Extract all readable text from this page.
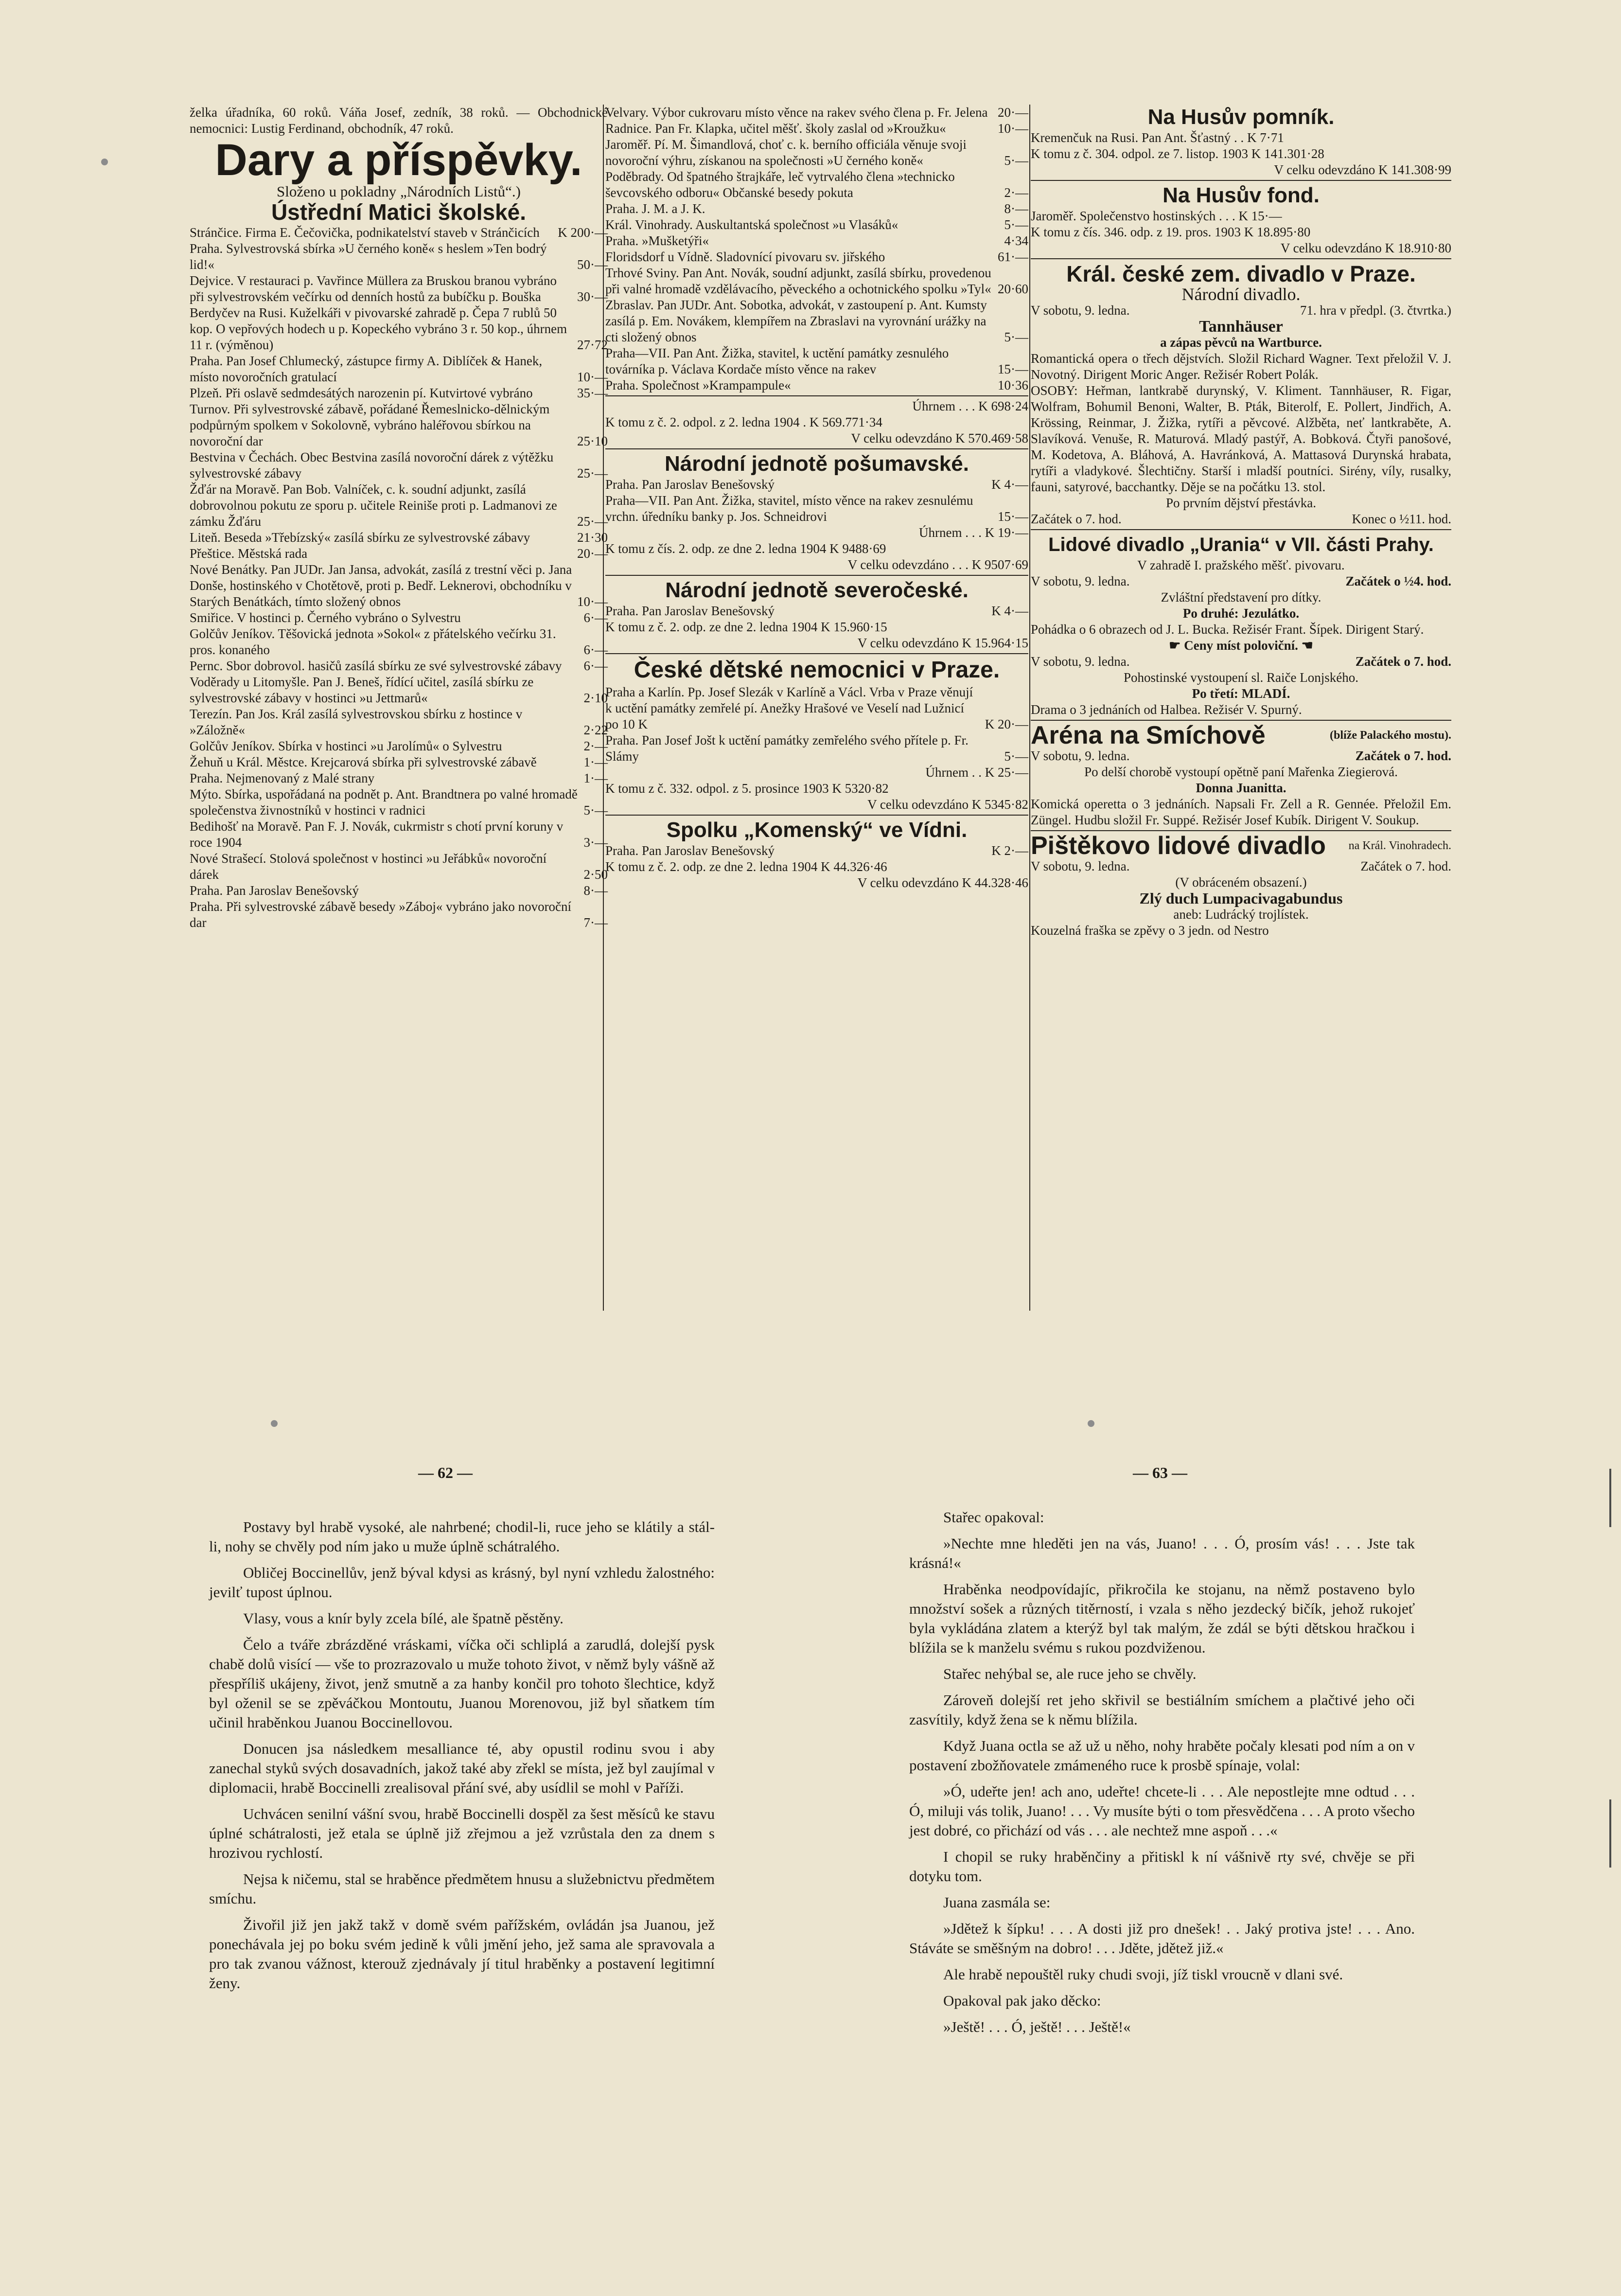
želka úřadníka, 60 roků. Váňa Josef, zedník, 38 roků. — Obchodnické nemocnici: Lustig Ferdinand, obchodník, 47 roků.

Dary a příspěvky.
Složeno u pokladny „Národních Listů“.)
Ústřední Matici školské.
Stránčice. Firma E. Čečovička, podnikatelství staveb v Stránčicích	K 200·—
Praha. Sylvestrovská sbírka »U černého koně« s heslem »Ten bodrý lid!«	50·—
Dejvice. V restauraci p. Vavřince Müllera za Bruskou branou vybráno při sylvestrovském večírku od denních hostů za bubíčku p. Bouška	30·—
Berdyčev na Rusi. Kuželkáři v pivovarské zahradě p. Čepa 7 rublů 50 kop. O vepřových hodech u p. Kopeckého vybráno 3 r. 50 kop., úhrnem 11 r. (výměnou)	27·72
Praha. Pan Josef Chlumecký, zástupce firmy A. Diblíček & Hanek, místo novoročních gratulací	10·—
Plzeň. Při oslavě sedmdesátých narozenin pí. Kutvirtové vybráno	35·—
Turnov. Při sylvestrovské zábavě, pořádané Řemeslnicko-dělnickým podpůrným spolkem v Sokolovně, vybráno haléřovou sbírkou na novoroční dar	25·10
Bestvina v Čechách. Obec Bestvina zasílá novoroční dárek z výtěžku sylvestrovské zábavy	25·—
Žďár na Moravě. Pan Bob. Valníček, c. k. soudní adjunkt, zasílá dobrovolnou pokutu ze sporu p. učitele Reiniše proti p. Ladmanovi ze zámku Žďáru	25·—
Liteň. Beseda »Třebízský« zasílá sbírku ze sylvestrovské zábavy	21·30
Přeštice. Městská rada	20·—
Nové Benátky. Pan JUDr. Jan Jansa, advokát, zasílá z trestní věci p. Jana Donše, hostinského v Chotětově, proti p. Bedř. Leknerovi, obchodníku v Starých Benátkách, tímto složený obnos	10·—
Smiřice. V hostinci p. Černého vybráno o Sylvestru	6·—
Golčův Jeníkov. Těšovická jednota »Sokol« z přátelského večírku 31. pros. konaného	6·—
Pernc. Sbor dobrovol. hasičů zasílá sbírku ze své sylvestrovské zábavy	6·—
Voděrady u Litomyšle. Pan J. Beneš, řídící učitel, zasílá sbírku ze sylvestrovské zábavy v hostinci »u Jettmarů«	2·10
Terezín. Pan Jos. Král zasílá sylvestrovskou sbírku z hostince v »Záložně«	2·22
Golčův Jeníkov. Sbírka v hostinci »u Jarolímů« o Sylvestru	2·—
Žehuň u Král. Městce. Krejcarová sbírka při sylvestrovské zábavě	1·—
Praha. Nejmenovaný z Malé strany	1·—
Mýto. Sbírka, uspořádaná na podnět p. Ant. Brandtnera po valné hromadě společenstva živnostníků v hostinci v radnici	5·—
Bedihošť na Moravě. Pan F. J. Novák, cukrmistr s chotí první koruny v roce 1904	3·—
Nové Strašecí. Stolová společnost v hostinci »u Jeřábků« novoroční dárek	2·50
Praha. Pan Jaroslav Benešovský	8·—
Praha. Při sylvestrovské zábavě besedy »Záboj« vybráno jako novoroční dar	7·—
Velvary. Výbor cukrovaru místo věnce na rakev svého člena p. Fr. Jelena 20·—
Radnice. Pan Fr. Klapka, učitel měšť. školy zaslal od »Kroužku«	10·—
Jaroměř. Pí. M. Šimandlová, choť c. k. berního officiála věnuje svoji novoroční výhru, získanou na společnosti »U černého koně«	5·—
Poděbrady. Od špatného štrajkáře, leč vytrvalého člena »technicko ševcovského odboru« Občanské besedy pokuta	2·—
Praha. J. M. a J. K.	8·—
Král. Vinohrady. Auskultantská společnost »u Vlasáků«	5·—
Praha. »Mušketýři«	4·34
Floridsdorf u Vídně. Sladovnící pivovaru sv. jiřského	61·—
Trhové Sviny. Pan Ant. Novák, soudní adjunkt, zasílá sbírku, provedenou při valné hromadě vzdělávacího, pěveckého a ochotnického spolku »Tyl« 20·60
Zbraslav. Pan JUDr. Ant. Sobotka, advokát, v zastoupení p. Ant. Kumsty zasílá p. Em. Novákem, klempířem na Zbraslavi na vyrovnání urážky na cti složený obnos	5·—
Praha—VII. Pan Ant. Žižka, stavitel, k uctění památky zesnulého továrníka p. Václava Kordače místo věnce na rakev	15·—
Praha. Společnost »Krampampule«	10·36
Úhrnem . . . K 698·24
K tomu z č. 2. odpol. z 2. ledna 1904 . K 569.771·34
V celku odevzdáno K 570.469·58
Národní jednotě pošumavské.
Praha. Pan Jaroslav Benešovský	K 4·—
Praha—VII. Pan Ant. Žižka, stavitel, místo věnce na rakev zesnulému vrchn. úředníku banky p. Jos. Schneidrovi	15·—
Úhrnem . . . K 19·—
K tomu z čís. 2. odp. ze dne 2. ledna 1904 K 9488·69
V celku odevzdáno . . . K 9507·69
Národní jednotě severočeské.
Praha. Pan Jaroslav Benešovský	K 4·—
K tomu z č. 2. odp. ze dne 2. ledna 1904 K 15.960·15
V celku odevzdáno K 15.964·15
České dětské nemocnici v Praze.
Praha a Karlín. Pp. Josef Slezák v Karlíně a Václ. Vrba v Praze věnují k uctění památky zemřelé pí. Anežky Hrašové ve Veselí nad Lužnicí po 10 K	K 20·—
Praha. Pan Josef Jošt k uctění památky zemřelého svého přítele p. Fr. Slámy	5·—
Úhrnem . . K 25·—
K tomu z č. 332. odpol. z 5. prosince 1903 K 5320·82
V celku odevzdáno K 5345·82
Spolku „Komenský“ ve Vídni.
Praha. Pan Jaroslav Benešovský	K 2·—
K tomu z č. 2. odp. ze dne 2. ledna 1904 K 44.326·46
V celku odevzdáno K 44.328·46
Na Husův pomník.
Kremenčuk na Rusi. Pan Ant. Šťastný . . K 7·71
K tomu z č. 304. odpol. ze 7. listop. 1903 K 141.301·28
V celku odevzdáno K 141.308·99
Na Husův fond.
Jaroměř. Společenstvo hostinských . . . K 15·—
K tomu z čís. 346. odp. z 19. pros. 1903 K 18.895·80
V celku odevzdáno K 18.910·80
Král. české zem. divadlo v Praze.
Národní divadlo.
V sobotu, 9. ledna.	71. hra v předpl. (3. čtvrtka.)
Tannhäuser
a zápas pěvců na Wartburce.

Romantická opera o třech dějstvích. Složil Richard Wagner. Text přeložil V. J. Novotný. Dirigent Moric Anger. Režisér Robert Polák.

OSOBY: Heřman, lantkrabě durynský, V. Kliment. Tannhäuser, R. Figar, Wolfram, Bohumil Benoni, Walter, B. Pták, Biterolf, E. Pollert, Jindřich, A. Krössing, Reinmar, J. Žižka, rytíři a pěvcové. Alžběta, neť lantkraběte, A. Slavíková. Venuše, R. Maturová. Mladý pastýř, A. Bobková. Čtyři panošové, M. Kodetova, A. Bláhová, A. Havránková, A. Mattasová Durynská hrabata, rytíři a vladykové. Šlechtičny. Starší i mladší poutníci. Sirény, víly, rusalky, fauni, satyrové, bacchantky. Děje se na počátku 13. stol.

Po prvním dějství přestávka.
Začátek o 7. hod.	Konec o ½11. hod.
Lidové divadlo „Urania“ v VII. části Prahy.
V zahradě I. pražského měšť. pivovaru.
V sobotu, 9. ledna.	Začátek o ½4. hod.
Zvláštní představení pro dítky.
Po druhé: Jezulátko.

Pohádka o 6 obrazech od J. L. Bucka. Režisér Frant. Šípek. Dirigent Starý.

☛ Ceny míst poloviční. ☚
V sobotu, 9. ledna.	Začátek o 7. hod.
Pohostinské vystoupení sl. Raiče Lonjského.
Po třetí: MLADÍ.
Drama o 3 jednáních od Halbea. Režisér V. Spurný.
Aréna na Smíchově	(blíže Palackého mostu).
V sobotu, 9. ledna.	Začátek o 7. hod.
Po delší chorobě vystoupí opětně paní Mařenka Ziegierová.
Donna Juanitta.

Komická operetta o 3 jednáních. Napsali Fr. Zell a R. Gennée. Přeložil Em. Züngel. Hudbu složil Fr. Suppé. Režisér Josef Kubík. Dirigent V. Soukup.

Pištěkovo lidové divadlo na Král. Vinohradech.
V sobotu, 9. ledna.	Začátek o 7. hod.
(V obráceném obsazení.)
Zlý duch Lumpacivagabundus
aneb: Ludrácký trojlístek.
Kouzelná fraška se zpěvy o 3 jedn. od Nestro
— 62 —	— 63 —

Postavy byl hrabě vysoké, ale nahrbené; chodil-li, ruce jeho se klátily a stál-li, nohy se chvěly pod ním jako u muže úplně schátralého.

Obličej Boccinellův, jenž býval kdysi as krásný, byl nyní vzhledu žalostného: jevilť tupost úplnou.

Vlasy, vous a knír byly zcela bílé, ale špatně pěstěny.

Čelo a tváře zbrázděné vráskami, víčka oči schliplá a zarudlá, dolejší pysk chabě dolů visící — vše to prozrazovalo u muže tohoto život, v němž byly vášně až přespříliš ukájeny, život, jenž smutně a za hanby končil pro tohoto šlechtice, když byl oženil se se zpěváčkou Montoutu, Juanou Morenovou, již byl sňatkem tím učinil hraběnkou Juanou Boccinellovou.

Donucen jsa následkem mesalliance té, aby opustil rodinu svou i aby zanechal styků svých dosavadních, jakož také aby zřekl se místa, jež byl zaujímal v diplomacii, hrabě Boccinelli zrealisoval přání své, aby usídlil se mohl v Paříži.

Uchvácen senilní vášní svou, hrabě Boccinelli dospěl za šest měsíců ke stavu úplné schátralosti, jež etala se úplně již zřejmou a jež vzrůstala den za dnem s hrozivou rychlostí.

Nejsa k ničemu, stal se hraběnce předmětem hnusu a služebnictvu předmětem smíchu.

Živořil již jen jakž takž v domě svém pařížském, ovládán jsa Juanou, jež ponechávala jej po boku svém jedině k vůli jmění jeho, jež sama ale spravovala a pro tak zvanou vážnost, kterouž zjednávaly jí titul hraběnky a postavení legitimní ženy.

Stařec opakoval:

»Nechte mne hleděti jen na vás, Juano! . . . Ó, prosím vás! . . . Jste tak krásná!«

Hraběnka neodpovídajíc, přikročila ke stojanu, na němž postaveno bylo množství sošek a různých titěrností, i vzala s něho jezdecký bičík, jehož rukojeť byla vykládána zlatem a kterýž byl tak malým, že zdál se býti dětskou hračkou i blížila se k manželu svému s rukou pozdviženou.

Stařec nehýbal se, ale ruce jeho se chvěly.

Zároveň dolejší ret jeho skřivil se bestiálním smíchem a plačtivé jeho oči zasvítily, když žena se k němu blížila.

Když Juana octla se až už u něho, nohy hraběte počaly klesati pod ním a on v postavení zbožňovatele zmámeného ruce k prosbě spínaje, volal:

»Ó, udeřte jen! ach ano, udeřte! chcete-li . . . Ale nepostlejte mne odtud . . . Ó, miluji vás tolik, Juano! . . . Vy musíte býti o tom přesvědčena . . . A proto všecho jest dobré, co přichází od vás . . . ale nechtež mne aspoň . . .«

I chopil se ruky hraběnčiny a přitiskl k ní vášnivě rty své, chvěje se při dotyku tom.

Juana zasmála se:

»Jdětež k šípku! . . . A dosti již pro dnešek! . . Jaký protiva jste! . . . Ano. Stáváte se směšným na dobro! . . . Jděte, jdětež již.«

Ale hrabě nepouštěl ruky chudi svoji, jíž tiskl vroucně v dlani své.

Opakoval pak jako děcko:

»Ještě! . . . Ó, ještě! . . . Ještě!«
